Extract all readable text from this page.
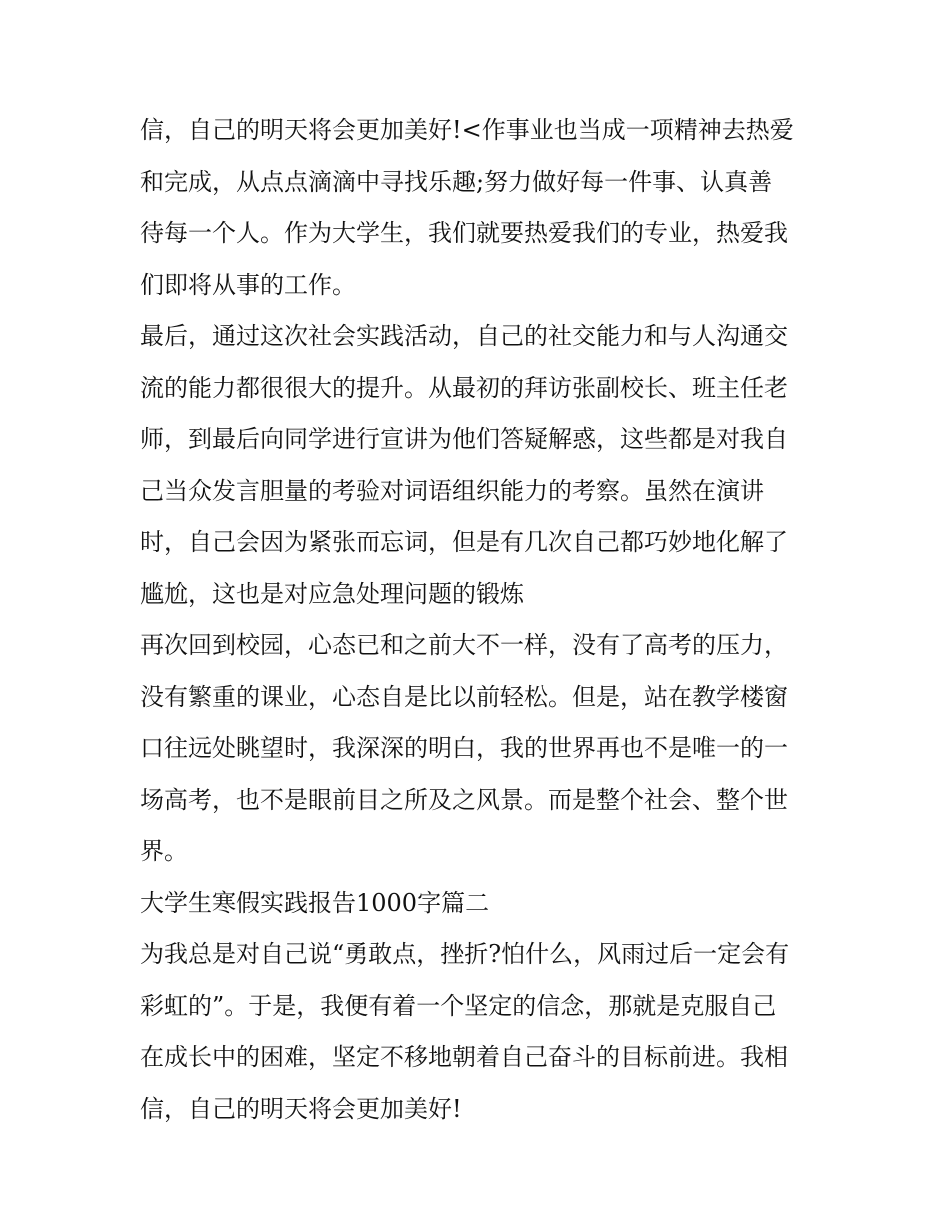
信，自己的明天将会更加美好!<作事业也当成一项精神去热爱
和完成，从点点滴滴中寻找乐趣;努力做好每一件事、认真善
待每一个人。作为大学生，我们就要热爱我们的专业，热爱我
们即将从事的工作。
最后，通过这次社会实践活动，自己的社交能力和与人沟通交
流的能力都很很大的提升。从最初的拜访张副校长、班主任老
师，到最后向同学进行宣讲为他们答疑解惑，这些都是对我自
己当众发言胆量的考验对词语组织能力的考察。虽然在演讲
时，自己会因为紧张而忘词，但是有几次自己都巧妙地化解了
尴尬，这也是对应急处理问题的锻炼
再次回到校园，心态已和之前大不一样，没有了高考的压力，
没有繁重的课业，心态自是比以前轻松。但是，站在教学楼窗
口往远处眺望时，我深深的明白，我的世界再也不是唯一的一
场高考，也不是眼前目之所及之风景。而是整个社会、整个世
界。
大学生寒假实践报告1000字篇二
为我总是对自己说“勇敢点，挫折?怕什么，风雨过后一定会有
彩虹的”。于是，我便有着一个坚定的信念，那就是克服自己
在成长中的困难，坚定不移地朝着自己奋斗的目标前进。我相
信，自己的明天将会更加美好!
